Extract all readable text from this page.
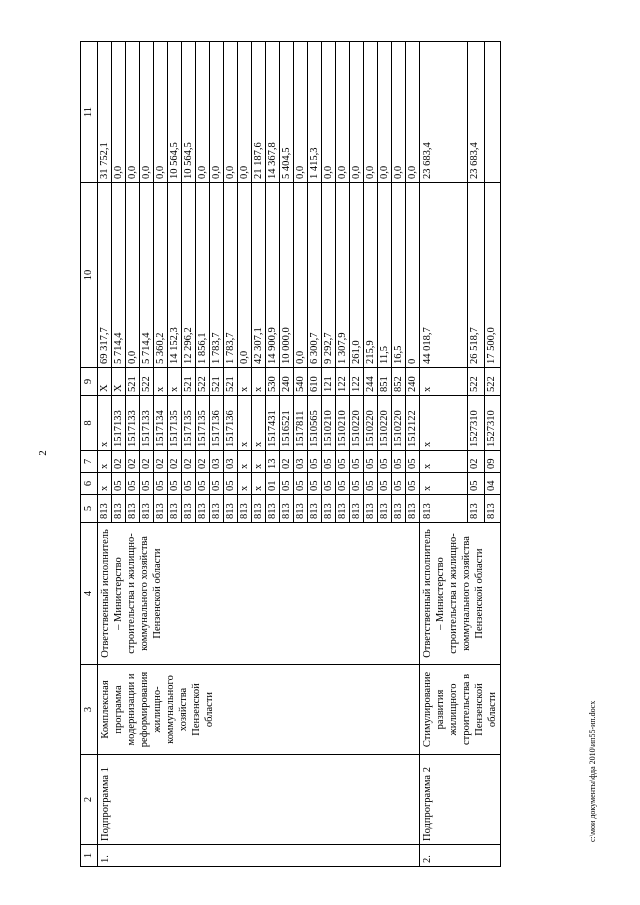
2
c:\мои документы\фда 2010\ип55-ип.docx
1	2	3	4	5	6	7	8	9	10	11
1.	Подпрограмма 1	Комплексная программа модернизации и реформирования жилищно-коммунального хозяйства Пензенской области	Ответственный исполнитель – Министерство строительства и жилищно-коммунального хозяйства Пензенской области	813	х	х	х	Х	69 317,7	31 752,1
				813	05	02	1517133	Х	5 714,4	0,0
				813	05	02	1517133	521	0,0	0,0
				813	05	02	1517133	522	5 714,4	0,0
				813	05	02	1517134	х	5 360,2	0,0
				813	05	02	1517135	х	14 152,3	10 564,5
				813	05	02	1517135	521	12 296,2	10 564,5
				813	05	02	1517135	522	1 856,1	0,0
				813	05	03	1517136	521	1 783,7	0,0
				813	05	03	1517136	521	1 783,7	0,0
				813	х	х	х	х	0,0	0,0
				813	х	х	х	х	42 307,1	21 187,6
				813	01	13	1517431	530	14 900,9	14 367,8
				813	05	02	1516521	240	10 000,0	5 404,5
				813	05	03	1517811	540	0,0	0,0
				813	05	05	1510565	610	6 300,7	1 415,3
				813	05	05	1510210	121	9 292,7	0,0
				813	05	05	1510210	122	1 307,9	0,0
				813	05	05	1510220	122	261,0	0,0
				813	05	05	1510220	244	215,9	0,0
				813	05	05	1510220	851	11,5	0,0
				813	05	05	1510220	852	16,5	0,0
				813	05	05	1512122	240	0	0,0
2.	Подпрограмма 2	Стимулирование развития жилищного строительства в Пензенской области	Ответственный исполнитель – Министерство строительства и жилищно-коммунального хозяйства Пензенской области	813	х	х	х	х	44 018,7	23 683,4
				813	05	02	1527310	522	26 518,7	23 683,4
				813	04	09	1527310	522	17 500,0	
